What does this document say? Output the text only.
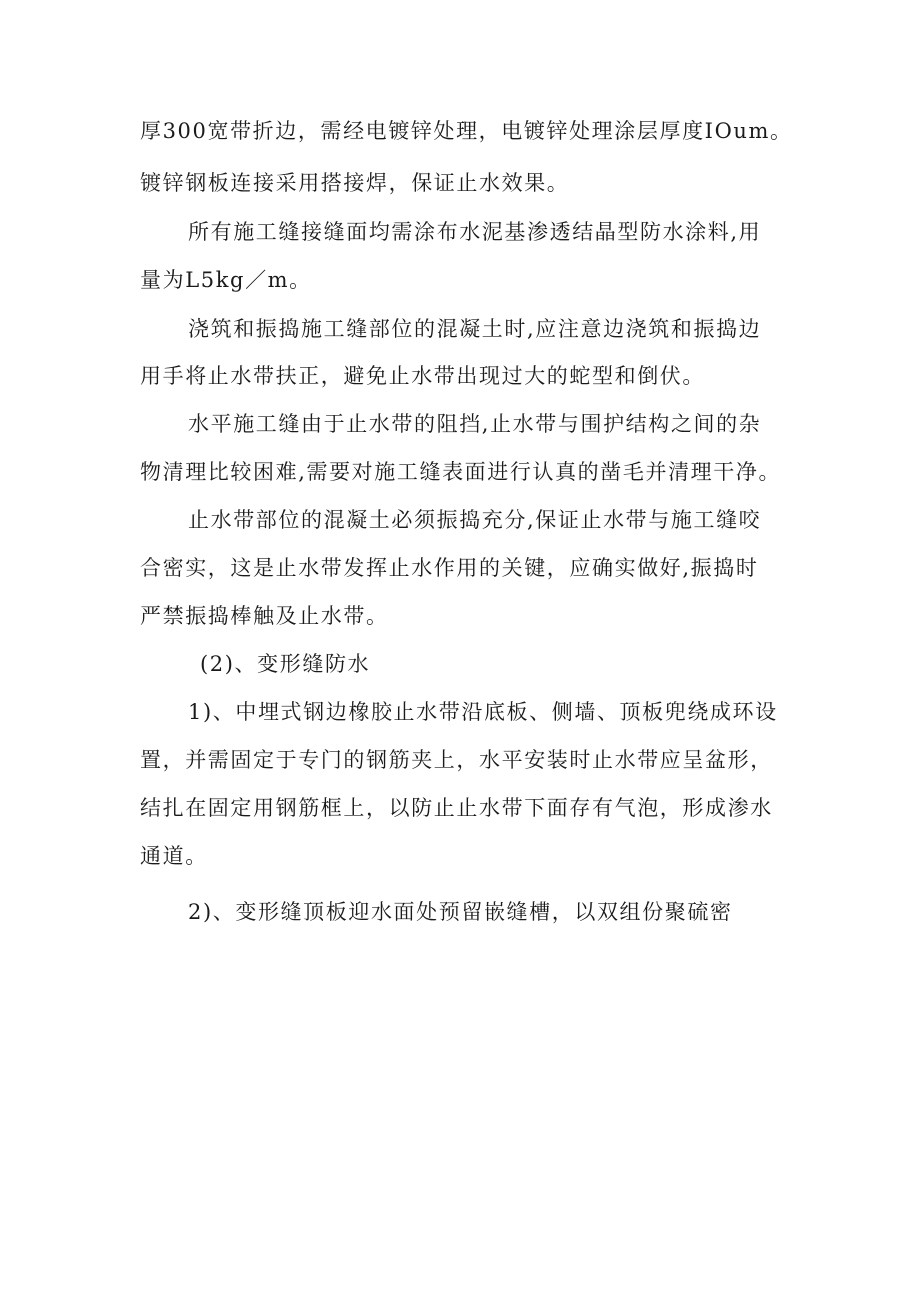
厚300宽带折边，需经电镀锌处理，电镀锌处理涂层厚度IOum。
镀锌钢板连接采用搭接焊，保证止水效果。
所有施工缝接缝面均需涂布水泥基渗透结晶型防水涂料,用
量为L5kg／m。
浇筑和振捣施工缝部位的混凝土时,应注意边浇筑和振捣边
用手将止水带扶正，避免止水带出现过大的蛇型和倒伏。
水平施工缝由于止水带的阻挡,止水带与围护结构之间的杂
物清理比较困难,需要对施工缝表面进行认真的凿毛并清理干净。
止水带部位的混凝土必须振捣充分,保证止水带与施工缝咬
合密实，这是止水带发挥止水作用的关键，应确实做好,振捣时
严禁振捣棒触及止水带。
(2)、变形缝防水
1)、中埋式钢边橡胶止水带沿底板、侧墙、顶板兜绕成环设
置，并需固定于专门的钢筋夹上，水平安装时止水带应呈盆形，
结扎在固定用钢筋框上，以防止止水带下面存有气泡，形成渗水
通道。
2)、变形缝顶板迎水面处预留嵌缝槽，以双组份聚硫密
